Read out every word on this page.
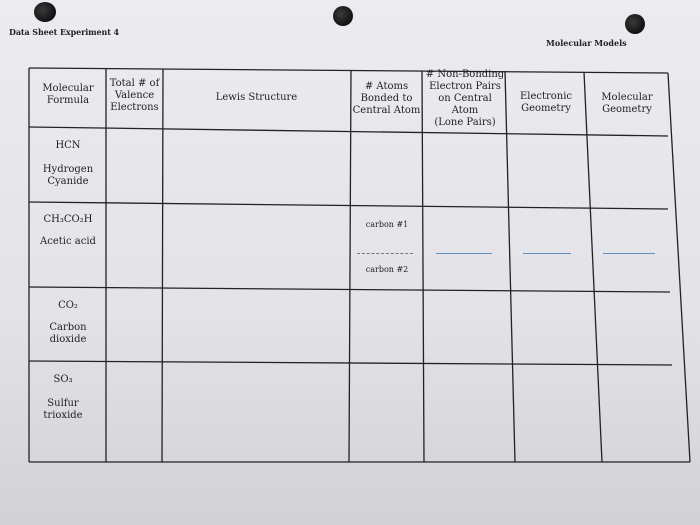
Data Sheet Experiment 4
Molecular Models
Molecular
Formula
Total # of
Valence
Electrons
Lewis Structure
# Atoms
Bonded to
Central Atom
# Non-Bonding
Electron Pairs
on Central
Atom
(Lone Pairs)
Electronic
Geometry
Molecular
Geometry
HCN
Hydrogen
Cyanide
CH₃CO₂H
Acetic acid
carbon #1
carbon #2
CO₂
Carbon
dioxide
SO₃
Sulfur
trioxide
